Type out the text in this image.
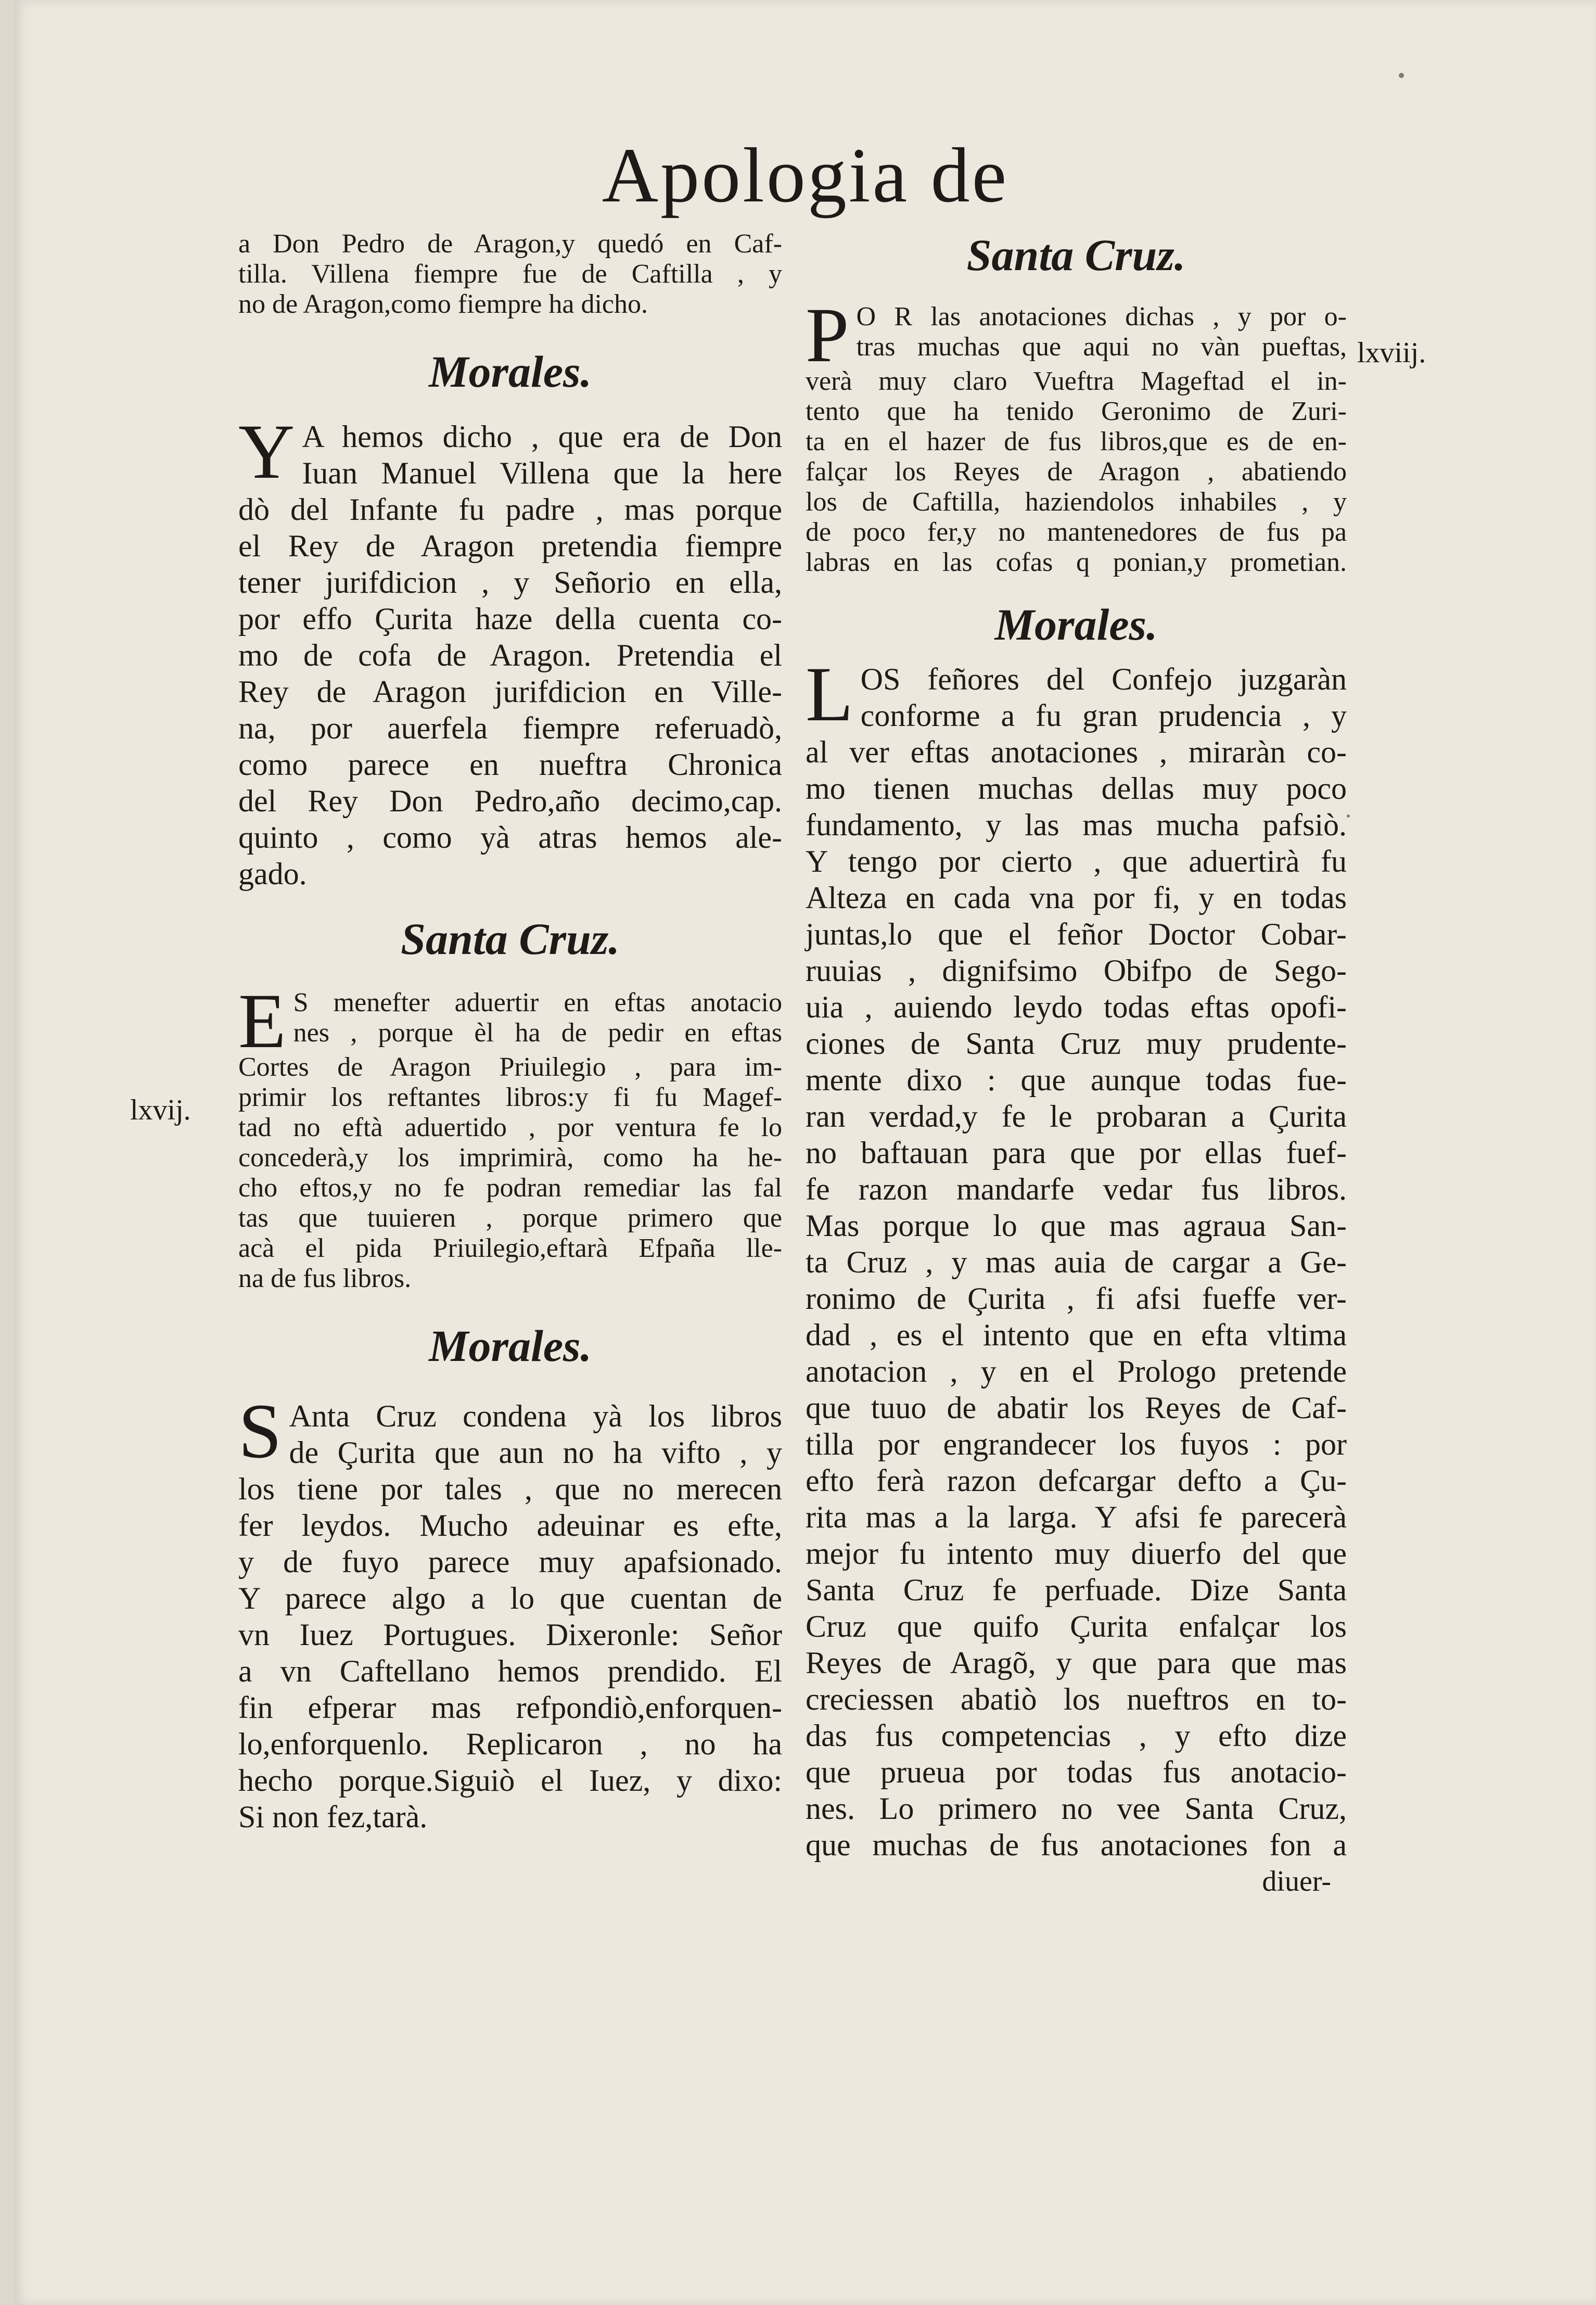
Apologia de
lxvij.
lxviij.
a Don Pedro de Aragon,y quedó en Caf-
tilla. Villena fiempre fue de Caftilla , y
no de Aragon,como fiempre ha dicho.
Morales.
Y A hemos dicho , que era de Don
Iuan Manuel Villena que la here
dò del Infante fu padre , mas porque
el Rey de Aragon pretendia fiempre
tener jurifdicion , y Señorio en ella,
por effo Çurita haze della cuenta co-
mo de cofa de Aragon. Pretendia el
Rey de Aragon jurifdicion en Ville-
na, por auerfela fiempre referuadò,
como parece en nueftra Chronica
del Rey Don Pedro,año decimo,cap.
quinto , como yà atras hemos ale-
gado.
Santa Cruz.
E S menefter aduertir en eftas anotacio
nes , porque èl ha de pedir en eftas
Cortes de Aragon Priuilegio , para im-
primir los reftantes libros:y fi fu Magef-
tad no eftà aduertido , por ventura fe lo
concederà,y los imprimirà, como ha he-
cho eftos,y no fe podran remediar las fal
tas que tuuieren , porque primero que
acà el pida Priuilegio,eftarà Efpaña lle-
na de fus libros.
Morales.
S Anta Cruz condena yà los libros
de Çurita que aun no ha vifto , y
los tiene por tales , que no merecen
fer leydos. Mucho adeuinar es efte,
y de fuyo parece muy apafsionado.
Y parece algo a lo que cuentan de
vn Iuez Portugues. Dixeronle: Señor
a vn Caftellano hemos prendido. El
fin efperar mas refpondiò,enforquen-
lo,enforquenlo. Replicaron , no ha
hecho porque.Siguiò el Iuez, y dixo:
Si non fez,tarà.
Santa Cruz.
P O R las anotaciones dichas , y por o-
tras muchas que aqui no vàn pueftas,
verà muy claro Vueftra Mageftad el in-
tento que ha tenido Geronimo de Zuri-
ta en el hazer de fus libros,que es de en-
falçar los Reyes de Aragon , abatiendo
los de Caftilla, haziendolos inhabiles , y
de poco fer,y no mantenedores de fus pa
labras en las cofas q ponian,y prometian.
Morales.
L OS feñores del Confejo juzgaràn
conforme a fu gran prudencia , y
al ver eftas anotaciones , miraràn co-
mo tienen muchas dellas muy poco
fundamento, y las mas mucha pafsiò.
Y tengo por cierto , que aduertirà fu
Alteza en cada vna por fi, y en todas
juntas,lo que el feñor Doctor Cobar-
ruuias , dignifsimo Obifpo de Sego-
uia , auiendo leydo todas eftas opofi-
ciones de Santa Cruz muy prudente-
mente dixo : que aunque todas fue-
ran verdad,y fe le probaran a Çurita
no baftauan para que por ellas fuef-
fe razon mandarfe vedar fus libros.
Mas porque lo que mas agraua San-
ta Cruz , y mas auia de cargar a Ge-
ronimo de Çurita , fi afsi fueffe ver-
dad , es el intento que en efta vltima
anotacion , y en el Prologo pretende
que tuuo de abatir los Reyes de Caf-
tilla por engrandecer los fuyos : por
efto ferà razon defcargar defto a Çu-
rita mas a la larga. Y afsi fe parecerà
mejor fu intento muy diuerfo del que
Santa Cruz fe perfuade. Dize Santa
Cruz que quifo Çurita enfalçar los
Reyes de Aragõ, y que para que mas
creciessen abatiò los nueftros en to-
das fus competencias , y efto dize
que prueua por todas fus anotacio-
nes. Lo primero no vee Santa Cruz,
que muchas de fus anotaciones fon a
diuer-
